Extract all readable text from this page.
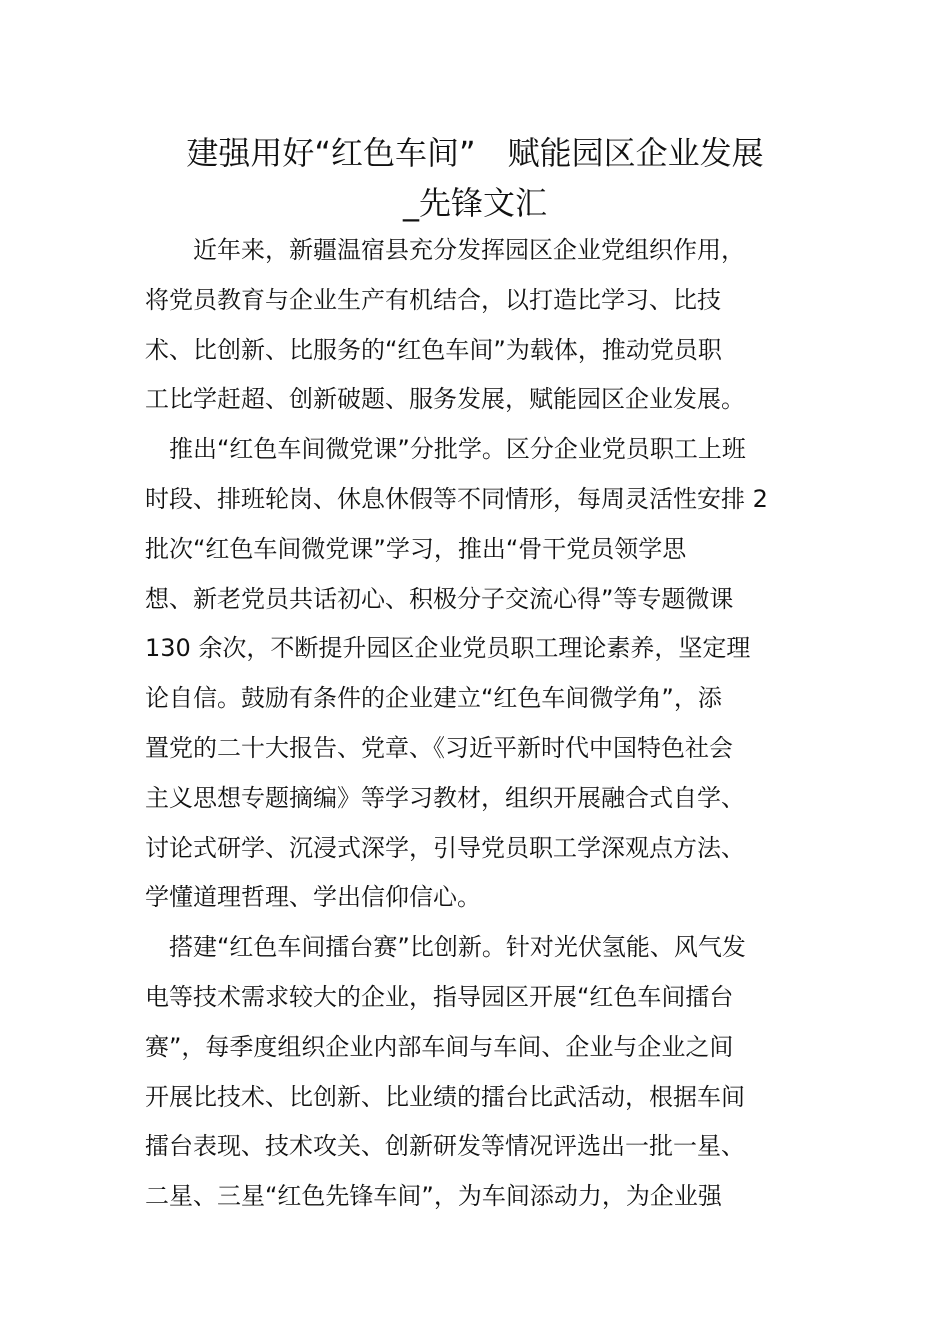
建强用好“红色车间”　赋能园区企业发展
_先锋文汇
　　近年来，新疆温宿县充分发挥园区企业党组织作用，
将党员教育与企业生产有机结合，以打造比学习、比技
术、比创新、比服务的“红色车间”为载体，推动党员职
工比学赶超、创新破题、服务发展，赋能园区企业发展。
　推出“红色车间微党课”分批学。区分企业党员职工上班
时段、排班轮岗、休息休假等不同情形，每周灵活性安排 2
批次“红色车间微党课”学习，推出“骨干党员领学思
想、新老党员共话初心、积极分子交流心得”等专题微课
130 余次，不断提升园区企业党员职工理论素养，坚定理
论自信。鼓励有条件的企业建立“红色车间微学角”，添
置党的二十大报告、党章、《习近平新时代中国特色社会
主义思想专题摘编》等学习教材，组织开展融合式自学、
讨论式研学、沉浸式深学，引导党员职工学深观点方法、
学懂道理哲理、学出信仰信心。
　搭建“红色车间擂台赛”比创新。针对光伏氢能、风气发
电等技术需求较大的企业，指导园区开展“红色车间擂台
赛”，每季度组织企业内部车间与车间、企业与企业之间
开展比技术、比创新、比业绩的擂台比武活动，根据车间
擂台表现、技术攻关、创新研发等情况评选出一批一星、
二星、三星“红色先锋车间”，为车间添动力，为企业强
